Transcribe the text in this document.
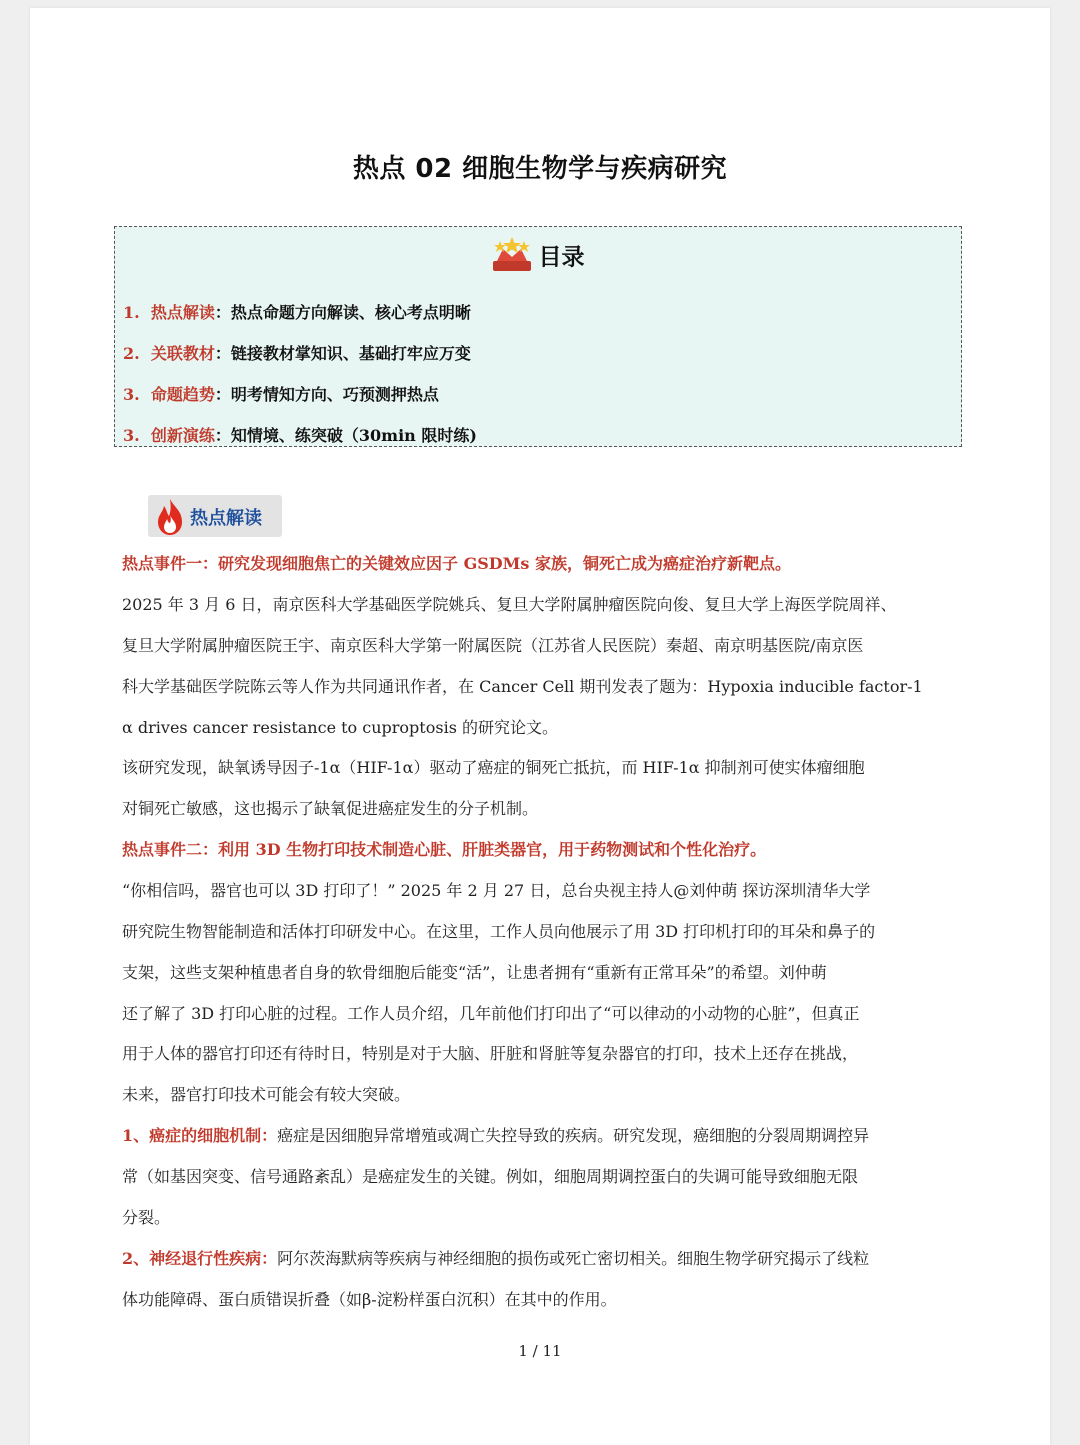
热点 02 细胞生物学与疾病研究
目录
1. 热点解读：热点命题方向解读、核心考点明晰
2. 关联教材：链接教材掌知识、基础打牢应万变
3. 命题趋势：明考情知方向、巧预测押热点
3. 创新演练：知情境、练突破（30min 限时练)
热点解读
热点事件一：研究发现细胞焦亡的关键效应因子 GSDMs 家族，铜死亡成为癌症治疗新靶点。
2025 年 3 月 6 日，南京医科大学基础医学院姚兵、复旦大学附属肿瘤医院向俊、复旦大学上海医学院周祥、
复旦大学附属肿瘤医院王宇、南京医科大学第一附属医院（江苏省人民医院）秦超、南京明基医院/南京医
科大学基础医学院陈云等人作为共同通讯作者，在 Cancer Cell 期刊发表了题为：Hypoxia inducible factor-1
α drives cancer resistance to cuproptosis 的研究论文。
该研究发现，缺氧诱导因子-1α（HIF-1α）驱动了癌症的铜死亡抵抗，而 HIF-1α 抑制剂可使实体瘤细胞
对铜死亡敏感，这也揭示了缺氧促进癌症发生的分子机制。
热点事件二：利用 3D 生物打印技术制造心脏、肝脏类器官，用于药物测试和个性化治疗。
“你相信吗，器官也可以 3D 打印了！” 2025 年 2 月 27 日，总台央视主持人@刘仲萌 探访深圳清华大学
研究院生物智能制造和活体打印研发中心。在这里，工作人员向他展示了用 3D 打印机打印的耳朵和鼻子的
支架，这些支架种植患者自身的软骨细胞后能变“活”，让患者拥有“重新有正常耳朵”的希望。刘仲萌
还了解了 3D 打印心脏的过程。工作人员介绍，几年前他们打印出了“可以律动的小动物的心脏”，但真正
用于人体的器官打印还有待时日，特别是对于大脑、肝脏和肾脏等复杂器官的打印，技术上还存在挑战，
未来，器官打印技术可能会有较大突破。
1、癌症的细胞机制：癌症是因细胞异常增殖或凋亡失控导致的疾病。研究发现，癌细胞的分裂周期调控异
常（如基因突变、信号通路紊乱）是癌症发生的关键。例如，细胞周期调控蛋白的失调可能导致细胞无限
分裂。
2、神经退行性疾病：阿尔茨海默病等疾病与神经细胞的损伤或死亡密切相关。细胞生物学研究揭示了线粒
体功能障碍、蛋白质错误折叠（如β-淀粉样蛋白沉积）在其中的作用。
1 / 11
